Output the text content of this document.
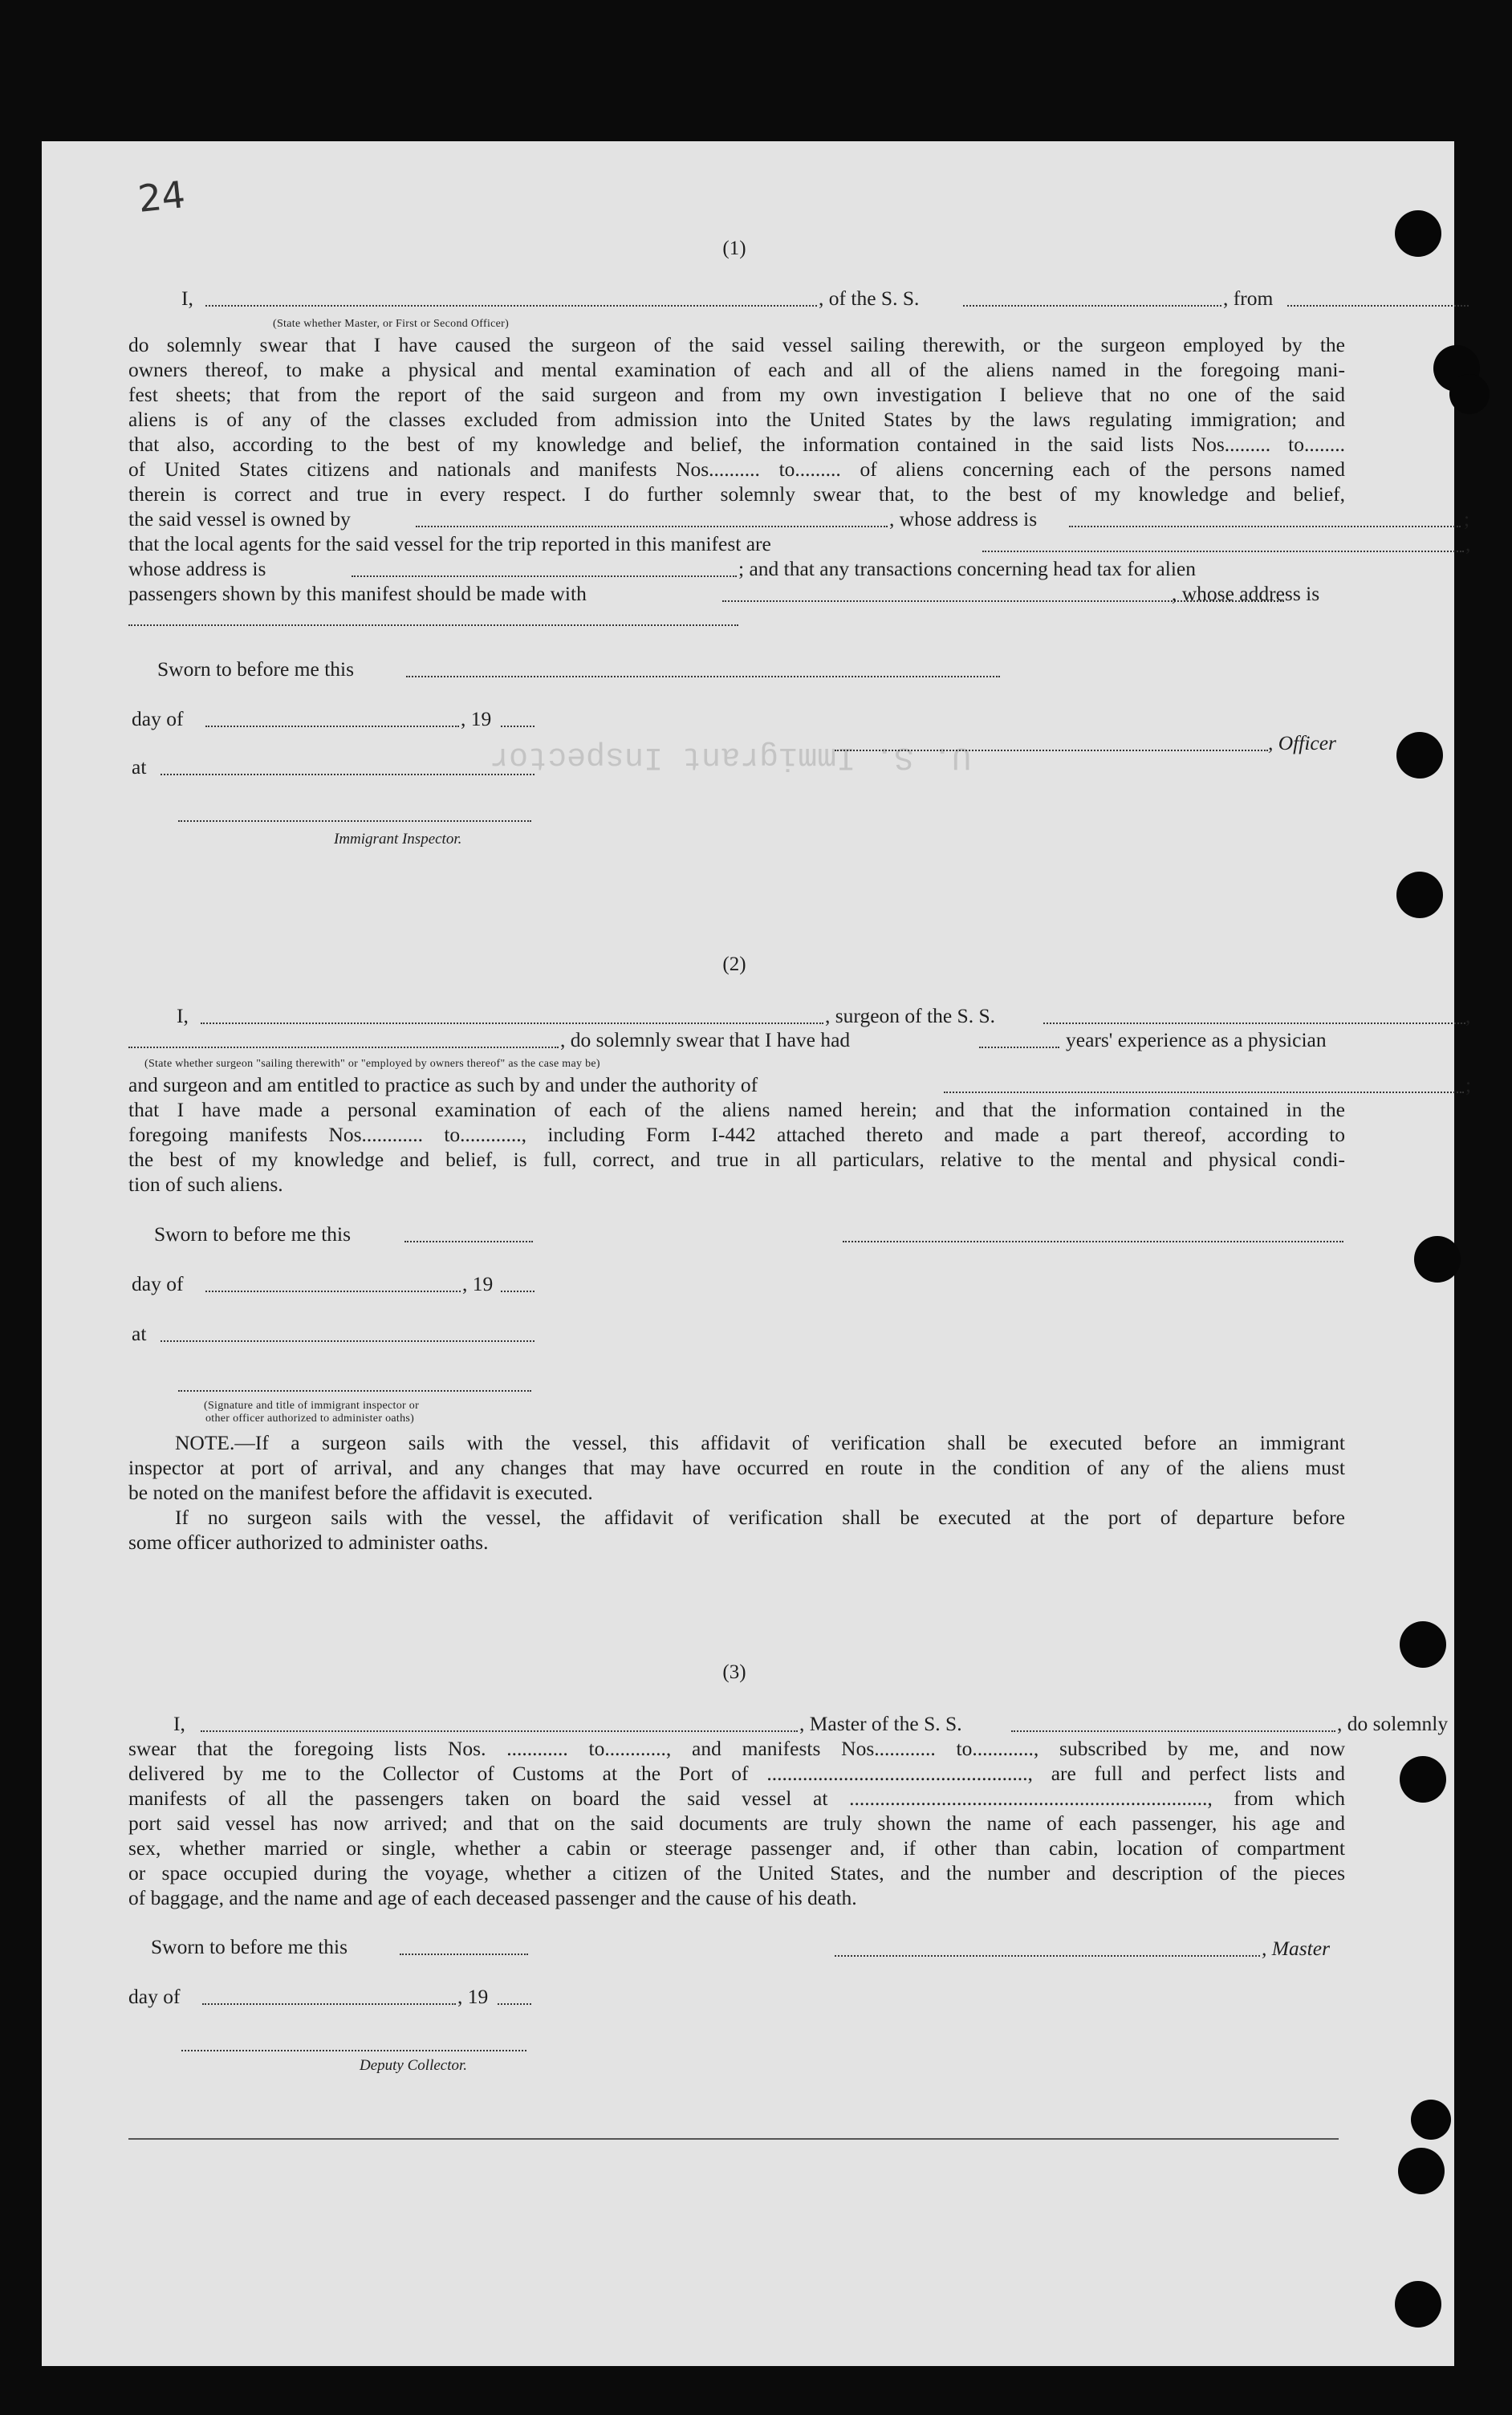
24
U. S. Immigrant Inspector
(1)
I,	, of the S. S.	, from
(State whether Master, or First or Second Officer)
do solemnly swear that I have caused the surgeon of the said vessel sailing therewith, or the surgeon employed by the
owners thereof, to make a physical and mental examination of each and all of the aliens named in the foregoing mani-
fest sheets; that from the report of the said surgeon and from my own investigation I believe that no one of the said
aliens is of any of the classes excluded from admission into the United States by the laws regulating immigration; and
that also, according to the best of my knowledge and belief, the information contained in the said lists Nos......... to........
of United States citizens and nationals and manifests Nos.......... to......... of aliens concerning each of the persons named
therein is correct and true in every respect. I do further solemnly swear that, to the best of my knowledge and belief,
the said vessel is owned by	, whose address is	;
that the local agents for the said vessel for the trip reported in this manifest are	,
whose address is	; and that any transactions concerning head tax for alien
passengers shown by this manifest should be made with	, whose address is
Sworn to before me this
day of	, 19
, Officer
at
Immigrant Inspector.
(2)
I,	, surgeon of the S. S.	,
, do solemnly swear that I have had	years' experience as a physician
(State whether surgeon "sailing therewith" or "employed by owners thereof" as the case may be)
and surgeon and am entitled to practice as such by and under the authority of	;
that I have made a personal examination of each of the aliens named herein; and that the information contained in the
foregoing manifests Nos............ to............, including Form I-442 attached thereto and made a part thereof, according to
the best of my knowledge and belief, is full, correct, and true in all particulars, relative to the mental and physical condi-
tion of such aliens.
Sworn to before me this
day of	, 19
at
(Signature and title of immigrant inspector or
other officer authorized to administer oaths)
NOTE.—If a surgeon sails with the vessel, this affidavit of verification shall be executed before an immigrant
inspector at port of arrival, and any changes that may have occurred en route in the condition of any of the aliens must
be noted on the manifest before the affidavit is executed.
If no surgeon sails with the vessel, the affidavit of verification shall be executed at the port of departure before
some officer authorized to administer oaths.
(3)
I,	, Master of the S. S.	, do solemnly
swear that the foregoing lists Nos. ............ to............, and manifests Nos............ to............, subscribed by me, and now
delivered by me to the Collector of Customs at the Port of ..................................................., are full and perfect lists and
manifests of all the passengers taken on board the said vessel at ......................................................................, from which
port said vessel has now arrived; and that on the said documents are truly shown the name of each passenger, his age and
sex, whether married or single, whether a cabin or steerage passenger and, if other than cabin, location of compartment
or space occupied during the voyage, whether a citizen of the United States, and the number and description of the pieces
of baggage, and the name and age of each deceased passenger and the cause of his death.
Sworn to before me this	, Master
day of	, 19
Deputy Collector.
